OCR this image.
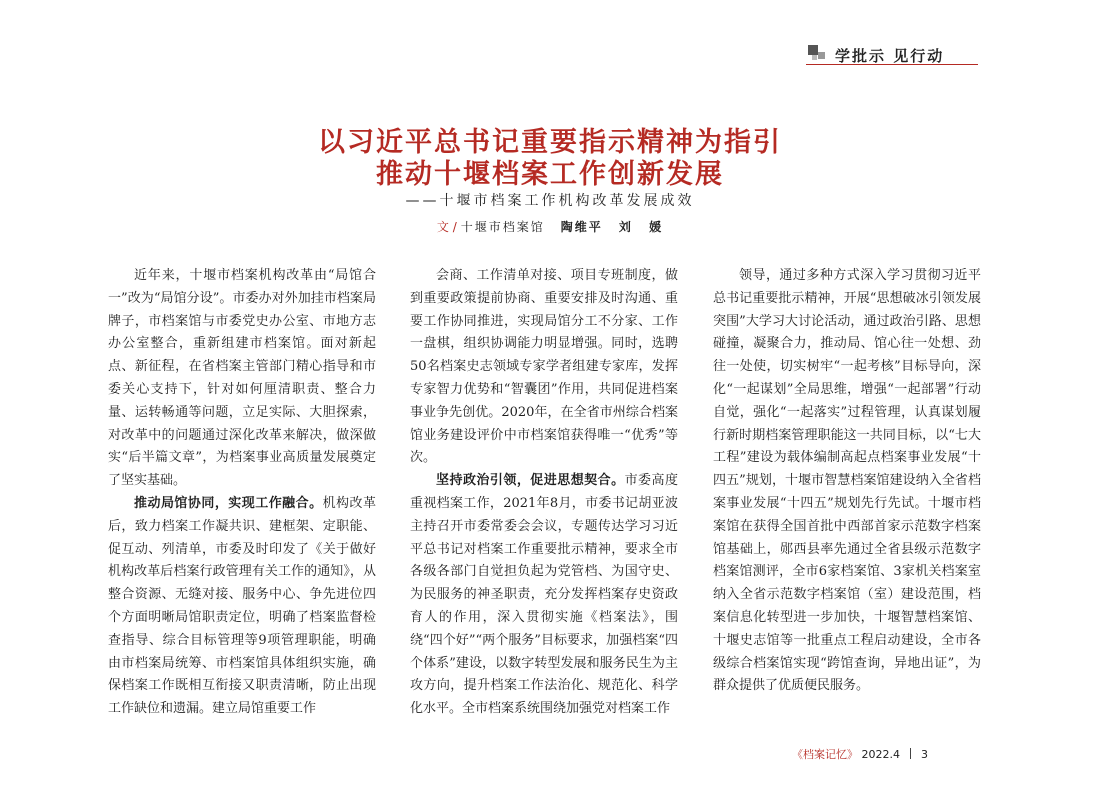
学批示 见行动
以习近平总书记重要指示精神为指引
推动十堰档案工作创新发展
——十堰市档案工作机构改革发展成效
文 / 十堰市档案馆 陶维平 刘 媛

近年来，十堰市档案机构改革由“局馆合一”改为“局馆分设”。市委办对外加挂市档案局牌子，市档案馆与市委党史办公室、市地方志办公室整合，重新组建市档案馆。面对新起点、新征程，在省档案主管部门精心指导和市委关心支持下，针对如何厘清职责、整合力量、运转畅通等问题，立足实际、大胆探索，对改革中的问题通过深化改革来解决，做深做实“后半篇文章”，为档案事业高质量发展奠定了坚实基础。

推动局馆协同，实现工作融合。机构改革后，致力档案工作凝共识、建框架、定职能、促互动、列清单，市委及时印发了《关于做好机构改革后档案行政管理有关工作的通知》，从整合资源、无缝对接、服务中心、争先进位四个方面明晰局馆职责定位，明确了档案监督检查指导、综合目标管理等9项管理职能，明确由市档案局统筹、市档案馆具体组织实施，确保档案工作既相互衔接又职责清晰，防止出现工作缺位和遗漏。建立局馆重要工作

会商、工作清单对接、项目专班制度，做到重要政策提前协商、重要安排及时沟通、重要工作协同推进，实现局馆分工不分家、工作一盘棋，组织协调能力明显增强。同时，选聘50名档案史志领域专家学者组建专家库，发挥专家智力优势和“智囊团”作用，共同促进档案事业争先创优。2020年，在全省市州综合档案馆业务建设评价中市档案馆获得唯一“优秀”等次。

坚持政治引领，促进思想契合。市委高度重视档案工作，2021年8月，市委书记胡亚波主持召开市委常委会会议，专题传达学习习近平总书记对档案工作重要批示精神，要求全市各级各部门自觉担负起为党管档、为国守史、为民服务的神圣职责，充分发挥档案存史资政育人的作用，深入贯彻实施《档案法》，围绕“四个好”“两个服务”目标要求，加强档案“四个体系”建设，以数字转型发展和服务民生为主攻方向，提升档案工作法治化、规范化、科学化水平。全市档案系统围绕加强党对档案工作

领导，通过多种方式深入学习贯彻习近平总书记重要批示精神，开展“思想破冰引领发展突围”大学习大讨论活动，通过政治引路、思想碰撞，凝聚合力，推动局、馆心往一处想、劲往一处使，切实树牢“一起考核”目标导向，深化“一起谋划”全局思维，增强“一起部署”行动自觉，强化“一起落实”过程管理，认真谋划履行新时期档案管理职能这一共同目标，以“七大工程”建设为载体编制高起点档案事业发展“十四五”规划，十堰市智慧档案馆建设纳入全省档案事业发展“十四五”规划先行先试。十堰市档案馆在获得全国首批中西部首家示范数字档案馆基础上，郧西县率先通过全省县级示范数字档案馆测评，全市6家档案馆、3家机关档案室纳入全省示范数字档案馆（室）建设范围，档案信息化转型进一步加快，十堰智慧档案馆、十堰史志馆等一批重点工程启动建设，全市各级综合档案馆实现“跨馆查询，异地出证”，为群众提供了优质便民服务。

《档案记忆》 2022.4 3
